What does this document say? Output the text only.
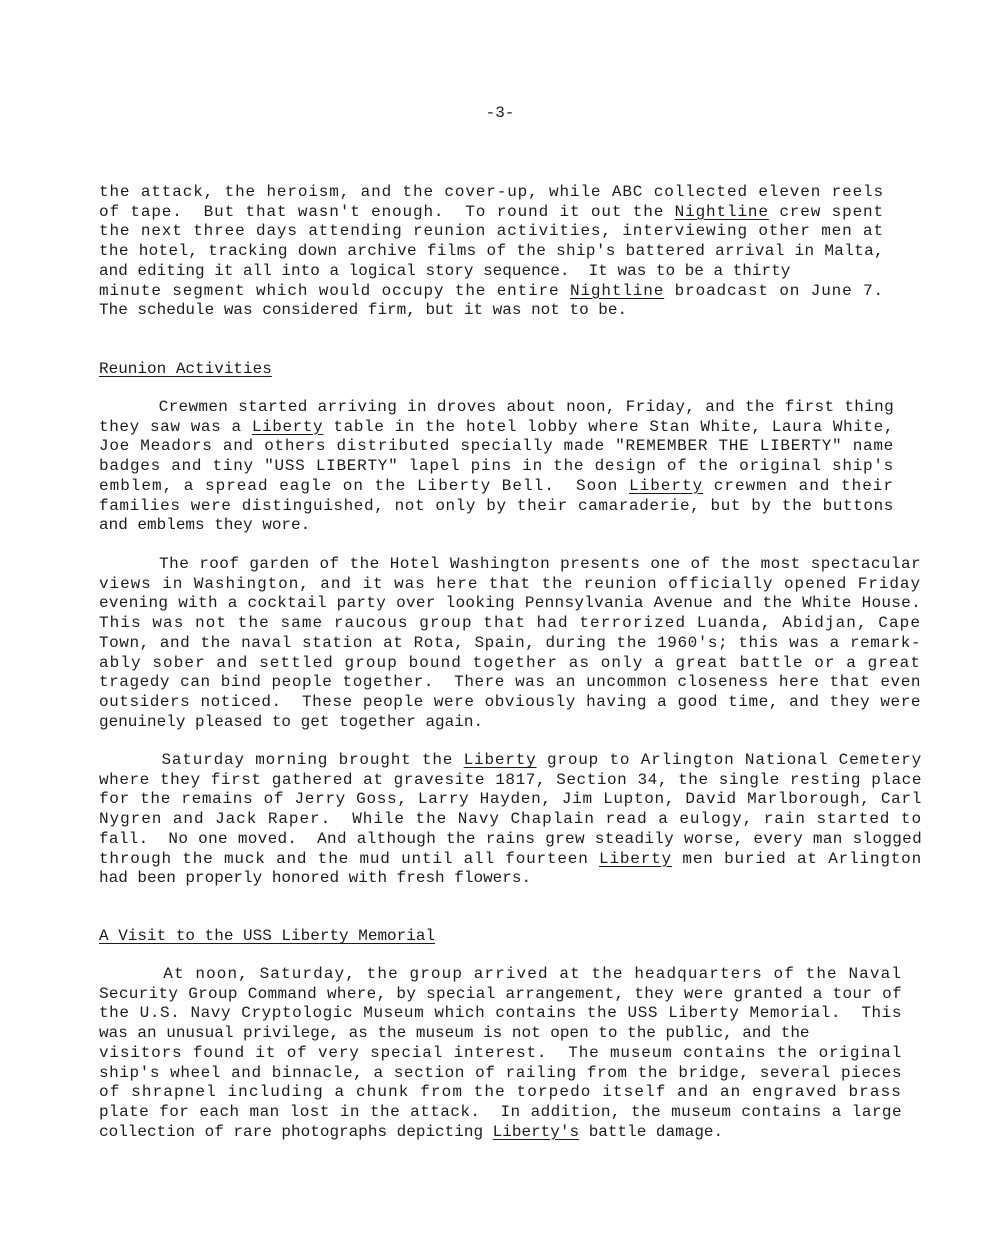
-3-
the attack, the heroism, and the cover-up, while ABC collected eleven reels
of tape.  But that wasn't enough.  To round it out the Nightline crew spent
the next three days attending reunion activities, interviewing other men at
the hotel, tracking down archive films of the ship's battered arrival in Malta,
and editing it all into a logical story sequence.  It was to be a thirty
minute segment which would occupy the entire Nightline broadcast on June 7.
The schedule was considered firm, but it was not to be.
Reunion Activities
Crewmen started arriving in droves about noon, Friday, and the first thing
they saw was a Liberty table in the hotel lobby where Stan White, Laura White,
Joe Meadors and others distributed specially made "REMEMBER THE LIBERTY" name
badges and tiny "USS LIBERTY" lapel pins in the design of the original ship's
emblem, a spread eagle on the Liberty Bell.  Soon Liberty crewmen and their
families were distinguished, not only by their camaraderie, but by the buttons
and emblems they wore.
The roof garden of the Hotel Washington presents one of the most spectacular
views in Washington, and it was here that the reunion officially opened Friday
evening with a cocktail party over looking Pennsylvania Avenue and the White House.
This was not the same raucous group that had terrorized Luanda, Abidjan, Cape
Town, and the naval station at Rota, Spain, during the 1960's; this was a remark-
ably sober and settled group bound together as only a great battle or a great
tragedy can bind people together.  There was an uncommon closeness here that even
outsiders noticed.  These people were obviously having a good time, and they were
genuinely pleased to get together again.
Saturday morning brought the Liberty group to Arlington National Cemetery
where they first gathered at gravesite 1817, Section 34, the single resting place
for the remains of Jerry Goss, Larry Hayden, Jim Lupton, David Marlborough, Carl
Nygren and Jack Raper.  While the Navy Chaplain read a eulogy, rain started to
fall.  No one moved.  And although the rains grew steadily worse, every man slogged
through the muck and the mud until all fourteen Liberty men buried at Arlington
had been properly honored with fresh flowers.
A Visit to the USS Liberty Memorial
At noon, Saturday, the group arrived at the headquarters of the Naval
Security Group Command where, by special arrangement, they were granted a tour of
the U.S. Navy Cryptologic Museum which contains the USS Liberty Memorial.  This
was an unusual privilege, as the museum is not open to the public, and the
visitors found it of very special interest.  The museum contains the original
ship's wheel and binnacle, a section of railing from the bridge, several pieces
of shrapnel including a chunk from the torpedo itself and an engraved brass
plate for each man lost in the attack.  In addition, the museum contains a large
collection of rare photographs depicting Liberty's battle damage.
